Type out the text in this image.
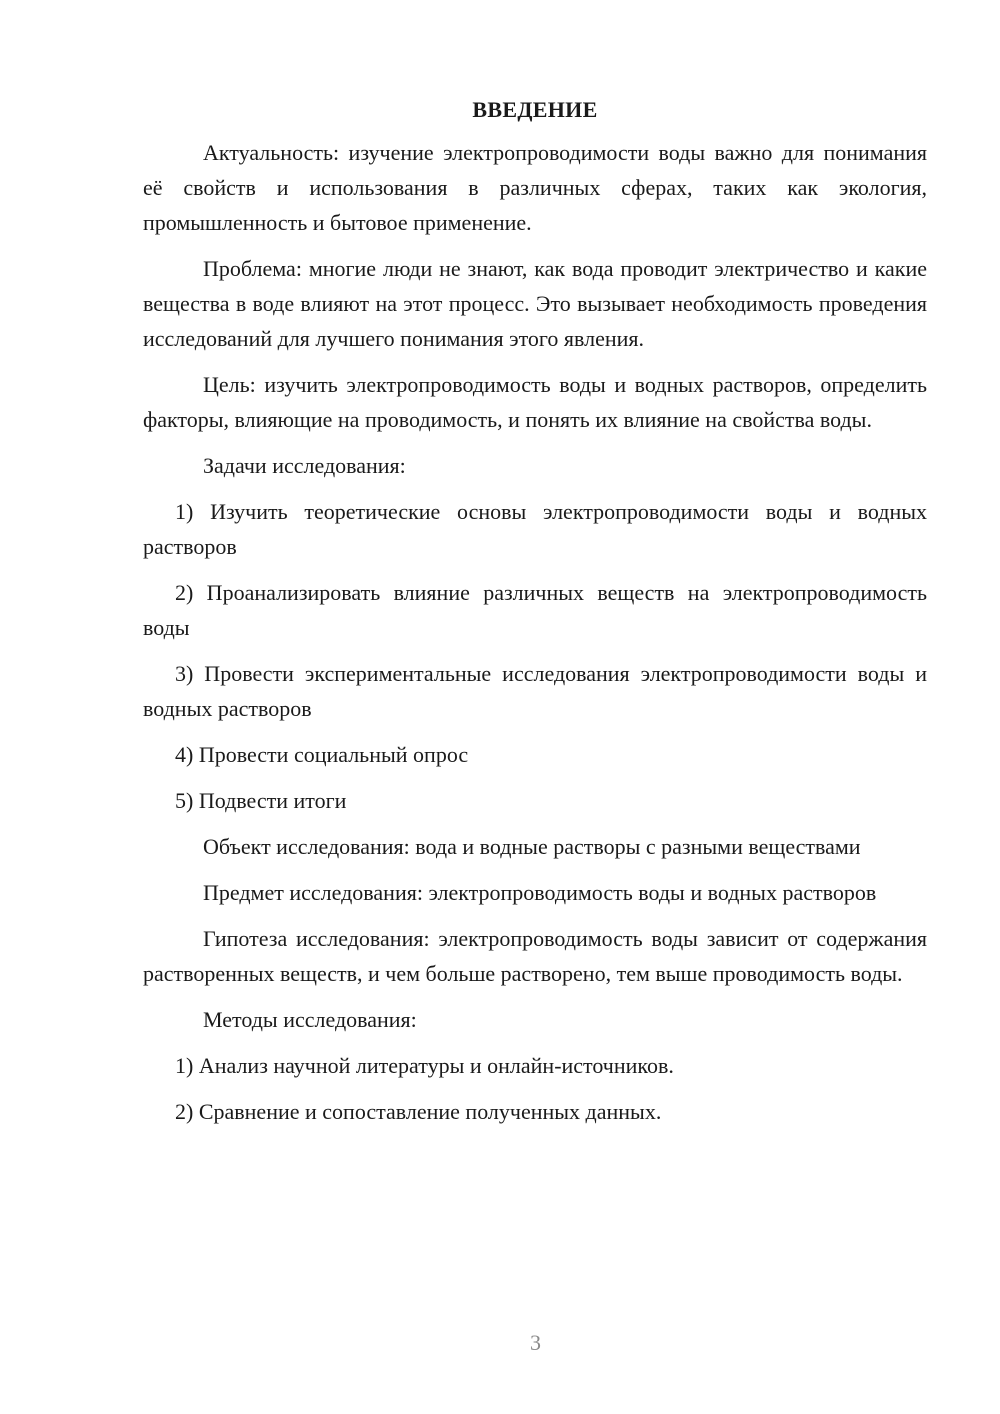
ВВЕДЕНИЕ

Актуальность: изучение электропроводимости воды важно для понимания её свойств и использования в различных сферах, таких как экология, промышленность и бытовое применение.

Проблема: многие люди не знают, как вода проводит электричество и какие вещества в воде влияют на этот процесс. Это вызывает необходимость проведения исследований для лучшего понимания этого явления.

Цель: изучить электропроводимость воды и водных растворов, определить факторы, влияющие на проводимость, и понять их влияние на свойства воды.

Задачи исследования:

1) Изучить теоретические основы электропроводимости воды и водных растворов

2) Проанализировать влияние различных веществ на электропроводимость воды

3) Провести экспериментальные исследования электропроводимости воды и водных растворов

4) Провести социальный опрос

5) Подвести итоги

Объект исследования: вода и водные растворы с разными веществами

Предмет исследования: электропроводимость воды и водных растворов

Гипотеза исследования: электропроводимость воды зависит от содержания растворенных веществ, и чем больше растворено, тем выше проводимость воды.

Методы исследования:

1) Анализ научной литературы и онлайн-источников.

2) Сравнение и сопоставление полученных данных.

3
